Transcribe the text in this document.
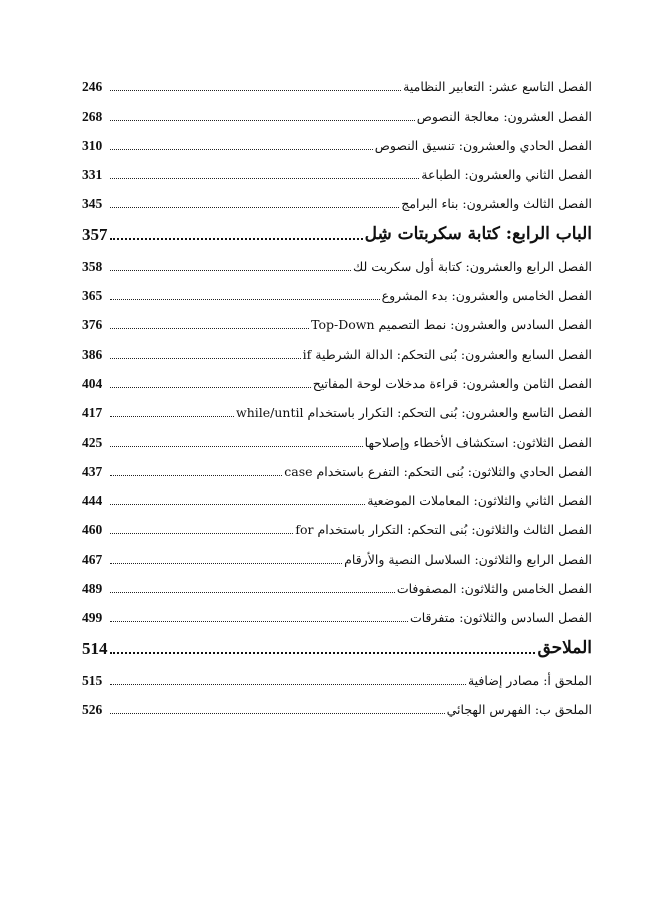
الفصل التاسع عشر: التعابير النظامية
246
الفصل العشرون: معالجة النصوص
268
الفصل الحادي والعشرون: تنسيق النصوص
310
الفصل الثاني والعشرون: الطباعة
331
الفصل الثالث والعشرون: بناء البرامج
345
الباب الرابع: كتابة سكربتات شِل
357
الفصل الرابع والعشرون: كتابة أول سكربت لك
358
الفصل الخامس والعشرون: بدء المشروع
365
الفصل السادس والعشرون: نمط التصميم Top-Down
376
الفصل السابع والعشرون: بُنى التحكم: الدالة الشرطية if
386
الفصل الثامن والعشرون: قراءة مدخلات لوحة المفاتيح
404
الفصل التاسع والعشرون: بُنى التحكم: التكرار باستخدام while/until
417
الفصل الثلاثون: استكشاف الأخطاء وإصلاحها
425
الفصل الحادي والثلاثون: بُنى التحكم: التفرع باستخدام case
437
الفصل الثاني والثلاثون: المعاملات الموضعية
444
الفصل الثالث والثلاثون: بُنى التحكم: التكرار باستخدام for
460
الفصل الرابع والثلاثون: السلاسل النصية والأرقام
467
الفصل الخامس والثلاثون: المصفوفات
489
الفصل السادس والثلاثون: متفرقات
499
الملاحق
514
الملحق أ: مصادر إضافية
515
الملحق ب: الفهرس الهجائي
526
